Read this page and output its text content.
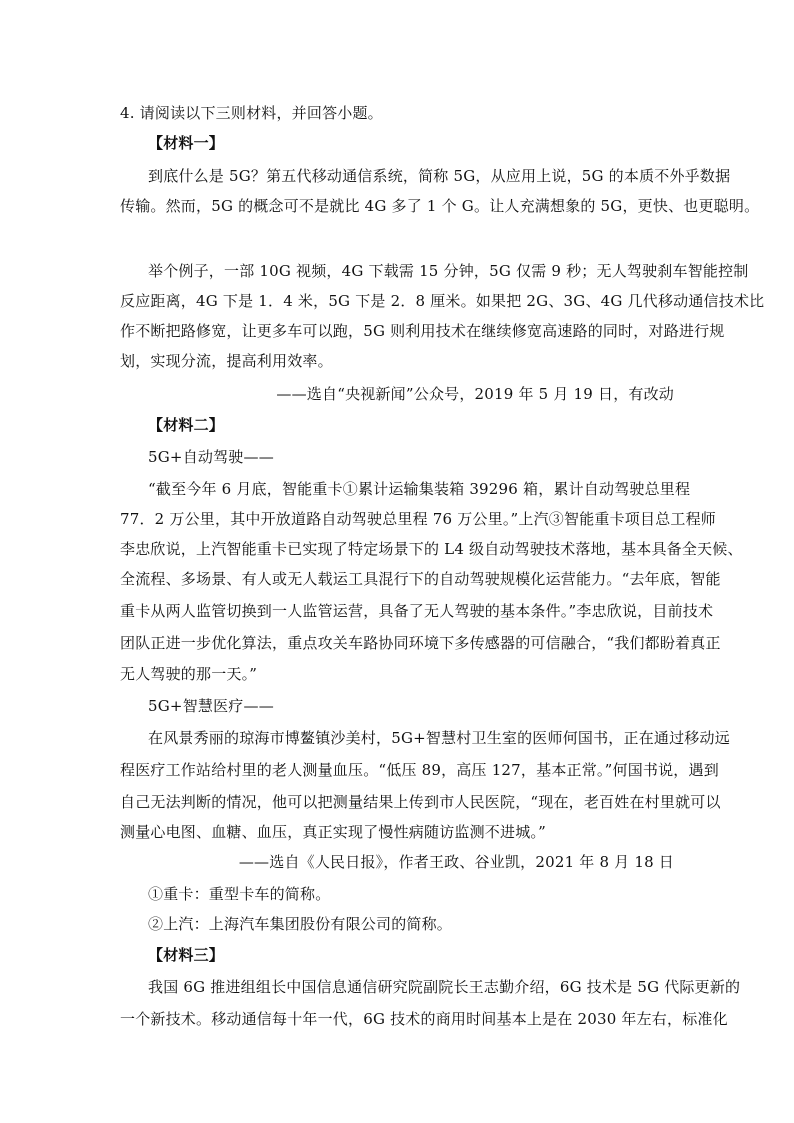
4. 请阅读以下三则材料，并回答小题。
【材料一】
到底什么是 5G？第五代移动通信系统，简称 5G，从应用上说，5G 的本质不外乎数据
传输。然而，5G 的概念可不是就比 4G 多了 1 个 G。让人充满想象的 5G，更快、也更聪明。
举个例子，一部 10G 视频，4G 下载需 15 分钟，5G 仅需 9 秒；无人驾驶刹车智能控制
反应距离，4G 下是 1．4 米，5G 下是 2．8 厘米。如果把 2G、3G、4G 几代移动通信技术比
作不断把路修宽，让更多车可以跑，5G 则利用技术在继续修宽高速路的同时，对路进行规
划，实现分流，提高利用效率。
——选自“央视新闻”公众号，2019 年 5 月 19 日，有改动
【材料二】
5G+自动驾驶——
“截至今年 6 月底，智能重卡①累计运输集装箱 39296 箱，累计自动驾驶总里程
77．2 万公里，其中开放道路自动驾驶总里程 76 万公里。”上汽③智能重卡项目总工程师
李忠欣说，上汽智能重卡已实现了特定场景下的 L4 级自动驾驶技术落地，基本具备全天候、
全流程、多场景、有人或无人载运工具混行下的自动驾驶规模化运营能力。“去年底，智能
重卡从两人监管切换到一人监管运营，具备了无人驾驶的基本条件。”李忠欣说，目前技术
团队正进一步优化算法，重点攻关车路协同环境下多传感器的可信融合，“我们都盼着真正
无人驾驶的那一天。”
5G+智慧医疗——
在风景秀丽的琼海市博鳌镇沙美村，5G+智慧村卫生室的医师何国书，正在通过移动远
程医疗工作站给村里的老人测量血压。“低压 89，高压 127，基本正常。”何国书说，遇到
自己无法判断的情况，他可以把测量结果上传到市人民医院，“现在，老百姓在村里就可以
测量心电图、血糖、血压，真正实现了慢性病随访监测不进城。”
——选自《人民日报》，作者王政、谷业凯，2021 年 8 月 18 日
①重卡：重型卡车的简称。
②上汽：上海汽车集团股份有限公司的简称。
【材料三】
我国 6G 推进组组长中国信息通信研究院副院长王志勤介绍，6G 技术是 5G 代际更新的
一个新技术。移动通信每十年一代，6G 技术的商用时间基本上是在 2030 年左右，标准化
